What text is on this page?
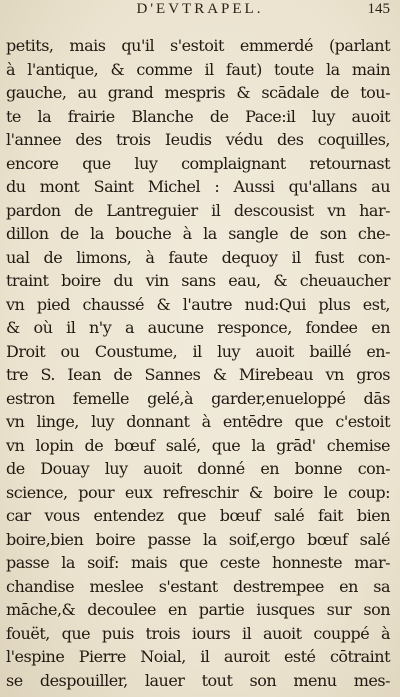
D'EVTRAPEL.	145
petits, mais qu'il s'estoit emmerdé (parlant
à l'antique, & comme il faut) toute la main
gauche, au grand mespris & scādale de tou-
te la frairie Blanche de Pace:il luy auoit
l'annee des trois Ieudis védu des coquilles,
encore que luy complaignant retournast
du mont Saint Michel : Aussi qu'allans au
pardon de Lantreguier il descousist vn har-
dillon de la bouche à la sangle de son che-
ual de limons, à faute dequoy il fust con-
traint boire du vin sans eau, & cheuaucher
vn pied chaussé & l'autre nud:Qui plus est,
& où il n'y a aucune responce, fondee en
Droit ou Coustume, il luy auoit baillé en-
tre S. Iean de Sannes & Mirebeau vn gros
estron femelle gelé,à garder,enueloppé dās
vn linge, luy donnant à entēdre que c'estoit
vn lopin de bœuf salé, que la grād' chemise
de Douay luy auoit donné en bonne con-
science, pour eux refreschir & boire le coup:
car vous entendez que bœuf salé fait bien
boire,bien boire passe la soif,ergo bœuf salé
passe la soif: mais que ceste honneste mar-
chandise meslee s'estant destrempee en sa
māche,& decoulee en partie iusques sur son
fouët, que puis trois iours il auoit couppé à
l'espine Pierre Noial, il auroit esté cōtraint
se despouiller, lauer tout son menu mes-
